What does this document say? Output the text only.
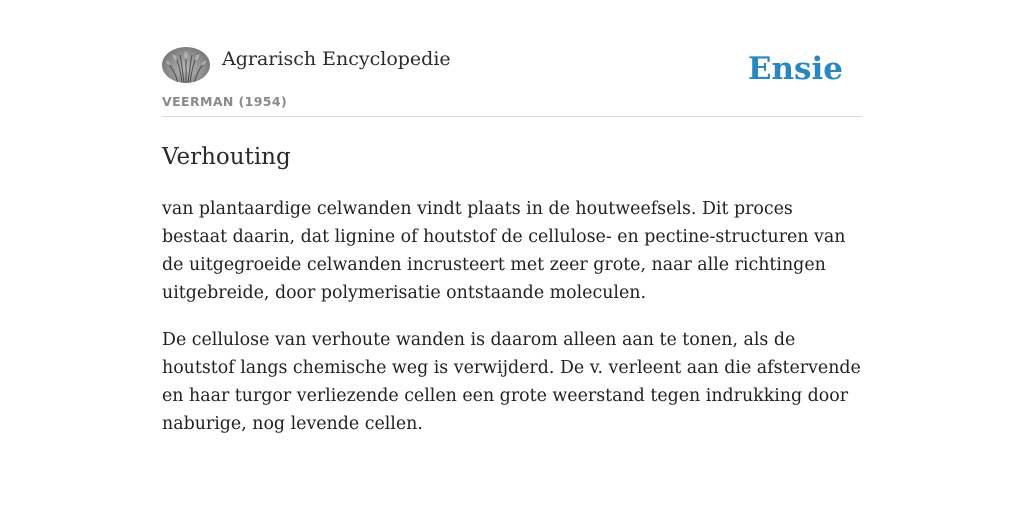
Agrarisch Encyclopedie
VEERMAN (1954)
Ensie
Verhouting

van plantaardige celwanden vindt plaats in de houtweefsels. Dit proces bestaat daarin, dat lignine of houtstof de cellulose- en pectine-structuren van de uitgegroeide celwanden incrusteert met zeer grote, naar alle richtingen uitgebreide, door polymerisatie ontstaande moleculen.

De cellulose van verhoute wanden is daarom alleen aan te tonen, als de houtstof langs chemische weg is verwijderd. De v. verleent aan die afstervende en haar turgor verliezende cellen een grote weerstand tegen indrukking door naburige, nog levende cellen.
